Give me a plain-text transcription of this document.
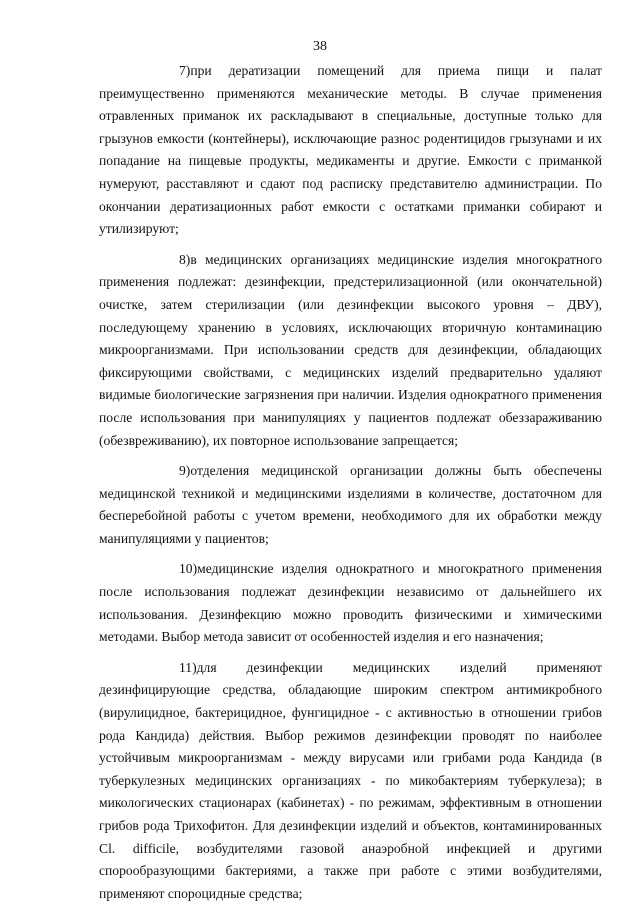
38

7)при дератизации помещений для приема пищи и палат преимущественно применяются механические методы. В случае применения отравленных приманок их раскладывают в специальные, доступные только для грызунов емкости (контейнеры), исключающие разнос родентицидов грызунами и их попадание на пищевые продукты, медикаменты и другие. Емкости с приманкой нумеруют, расставляют и сдают под расписку представителю администрации. По окончании дератизационных работ емкости с остатками приманки собирают и утилизируют;

8)в медицинских организациях медицинские изделия многократного применения подлежат: дезинфекции, предстерилизационной (или окончательной) очистке, затем стерилизации (или дезинфекции высокого уровня – ДВУ), последующему хранению в условиях, исключающих вторичную контаминацию микроорганизмами. При использовании средств для дезинфекции, обладающих фиксирующими свойствами, с медицинских изделий предварительно удаляют видимые биологические загрязнения при наличии. Изделия однократного применения после использования при манипуляциях у пациентов подлежат обеззараживанию (обезвреживанию), их повторное использование запрещается;

9)отделения медицинской организации должны быть обеспечены медицинской техникой и медицинскими изделиями в количестве, достаточном для бесперебойной работы с учетом времени, необходимого для их обработки между манипуляциями у пациентов;

10)медицинские изделия однократного и многократного применения после использования подлежат дезинфекции независимо от дальнейшего их использования. Дезинфекцию можно проводить физическими и химическими методами. Выбор метода зависит от особенностей изделия и его назначения;

11)для дезинфекции медицинских изделий применяют дезинфицирующие средства, обладающие широким спектром антимикробного (вирулицидное, бактерицидное, фунгицидное - с активностью в отношении грибов рода Кандида) действия. Выбор режимов дезинфекции проводят по наиболее устойчивым микроорганизмам - между вирусами или грибами рода Кандида (в туберкулезных медицинских организациях - по микобактериям туберкулеза); в микологических стационарах (кабинетах) - по режимам, эффективным в отношении грибов рода Трихофитон. Для дезинфекции изделий и объектов, контаминированных Cl. difficile, возбудителями газовой анаэробной инфекцией и другими спорообразующими бактериями, а также при работе с этими возбудителями, применяют спороцидные средства;
